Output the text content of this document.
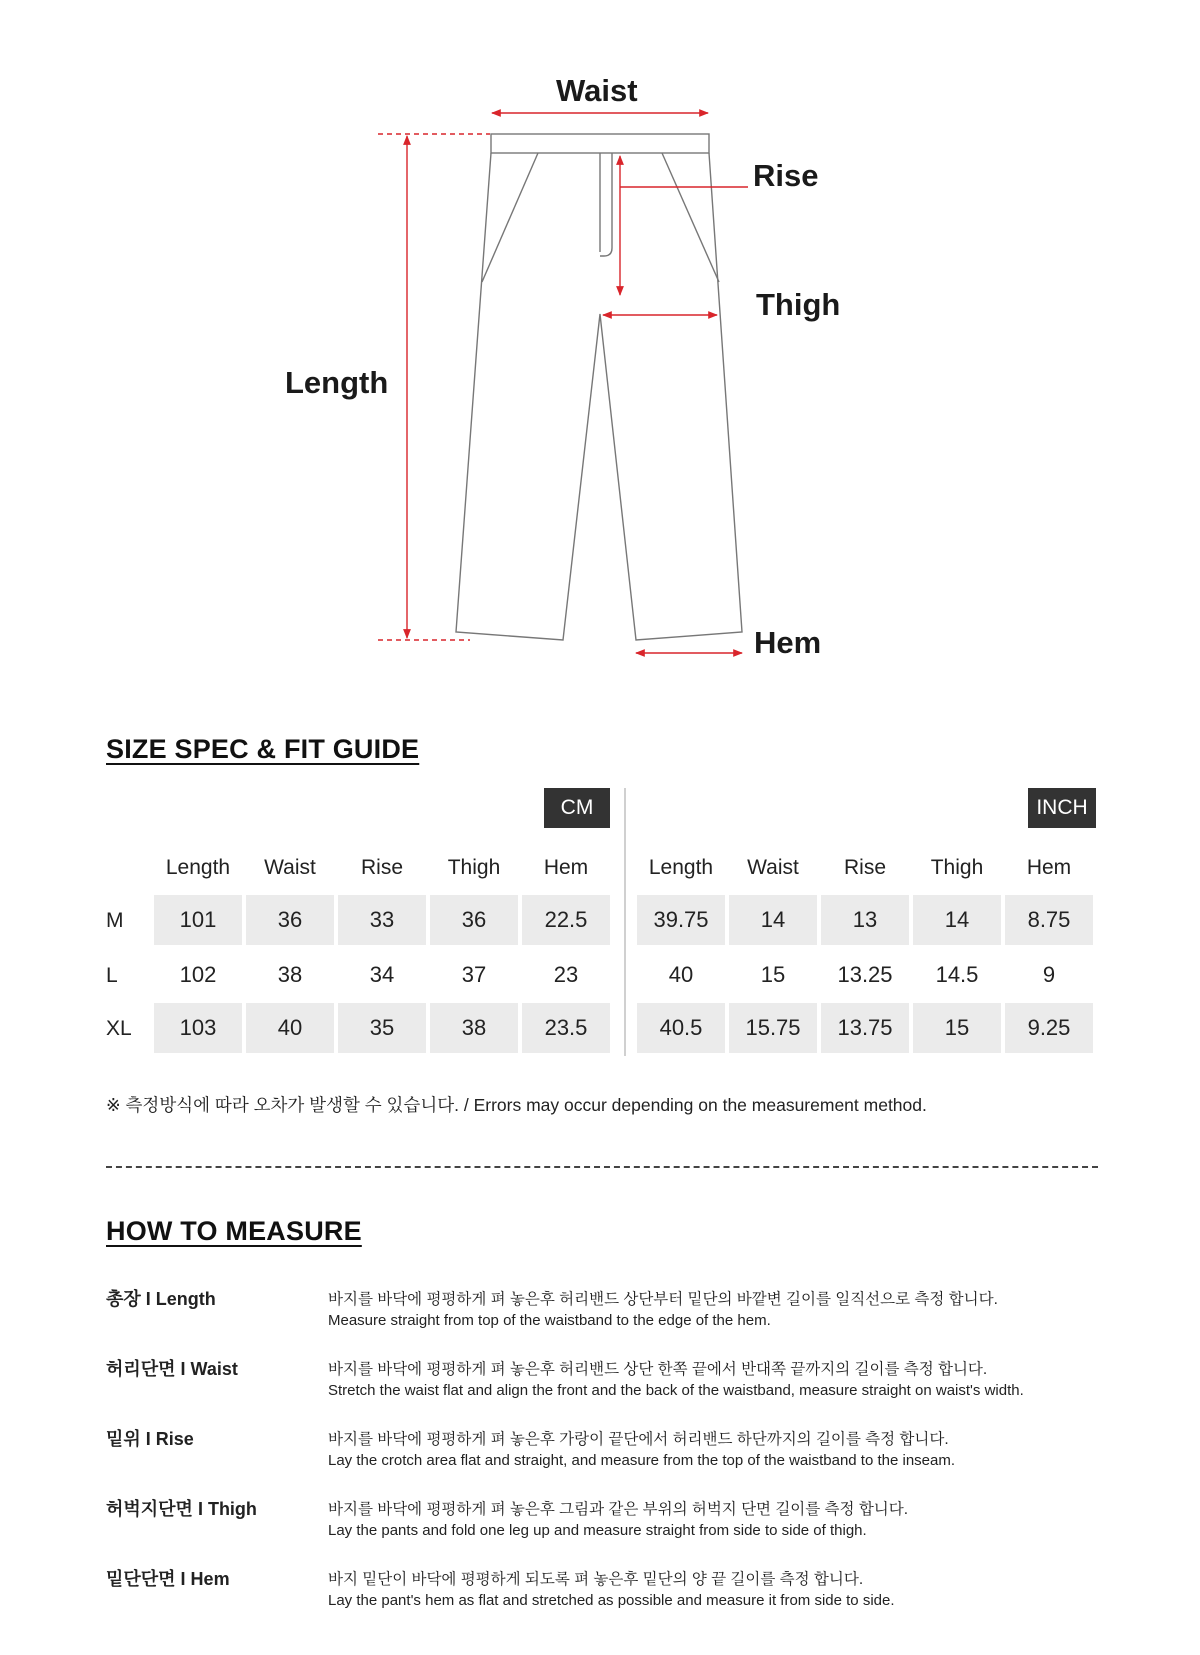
Waist
Rise
Thigh
Length
Hem
SIZE SPEC & FIT GUIDE
CM	INCH
Length	Waist	Rise	Thigh	Hem	Length	Waist	Rise	Thigh	Hem
M	101	36	33	36	22.5	39.75	14	13	14	8.75
L	102	38	34	37	23	40	15	13.25	14.5	9
XL	103	40	35	38	23.5	40.5	15.75	13.75	15	9.25
※ 측정방식에 따라 오차가 발생할 수 있습니다. / Errors may occur depending on the measurement method.
HOW TO MEASURE
총장 I Length	바지를 바닥에 평평하게 펴 놓은후 허리밴드 상단부터 밑단의 바깥변 길이를 일직선으로 측정 합니다.
Measure straight from top of the waistband to the edge of the hem.
허리단면 I Waist	바지를 바닥에 평평하게 펴 놓은후 허리밴드 상단 한쪽 끝에서 반대쪽 끝까지의 길이를 측정 합니다.
Stretch the waist flat and align the front and the back of the waistband, measure straight on waist's width.
밑위 I Rise	바지를 바닥에 평평하게 펴 놓은후 가랑이 끝단에서 허리밴드 하단까지의 길이를 측정 합니다.
Lay the crotch area flat and straight, and measure from the top of the waistband to the inseam.
허벅지단면 I Thigh	바지를 바닥에 평평하게 펴 놓은후 그림과 같은 부위의 허벅지 단면 길이를 측정 합니다.
Lay the pants and fold one leg up and measure straight from side to side of thigh.
밑단단면 I Hem	바지 밑단이 바닥에 평평하게 되도록 펴 놓은후 밑단의 양 끝 길이를 측정 합니다.
Lay the pant's hem as flat and stretched as possible and measure it from side to side.
